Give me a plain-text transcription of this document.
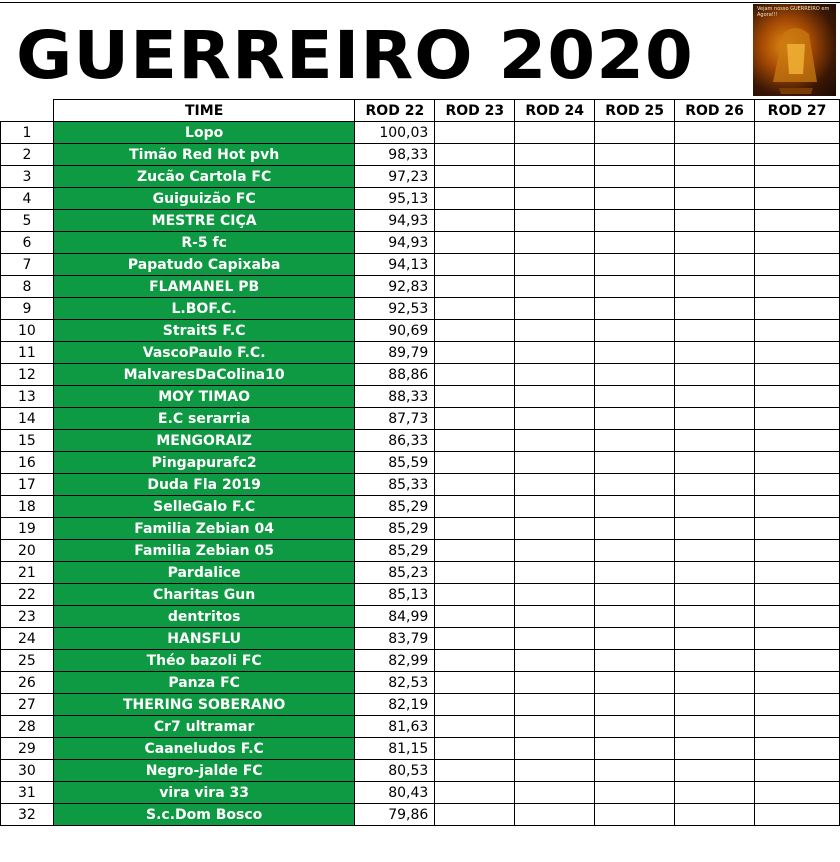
GUERREIRO 2020
Vejam nosso GUERREIRO em Agora!!!
	TIME	ROD 22	ROD 23	ROD 24	ROD 25	ROD 26	ROD 27
1	Lopo	100,03					
2	Timão Red Hot pvh	98,33					
3	Zucão Cartola FC	97,23					
4	Guiguizão FC	95,13					
5	MESTRE CIÇA	94,93					
6	R-5 fc	94,93					
7	Papatudo Capixaba	94,13					
8	FLAMANEL PB	92,83					
9	L.BOF.C.	92,53					
10	StraitS F.C	90,69					
11	VascoPaulo F.C.	89,79					
12	MalvaresDaColina10	88,86					
13	MOY TIMAO	88,33					
14	E.C serarria	87,73					
15	MENGORAIZ	86,33					
16	Pingapurafc2	85,59					
17	Duda Fla 2019	85,33					
18	SelleGalo F.C	85,29					
19	Familia Zebian 04	85,29					
20	Familia Zebian 05	85,29					
21	Pardalice	85,23					
22	Charitas Gun	85,13					
23	dentritos	84,99					
24	HANSFLU	83,79					
25	Théo bazoli FC	82,99					
26	Panza FC	82,53					
27	THERING SOBERANO	82,19					
28	Cr7 ultramar	81,63					
29	Caaneludos F.C	81,15					
30	Negro-jalde FC	80,53					
31	vira vira 33	80,43					
32	S.c.Dom Bosco	79,86					
